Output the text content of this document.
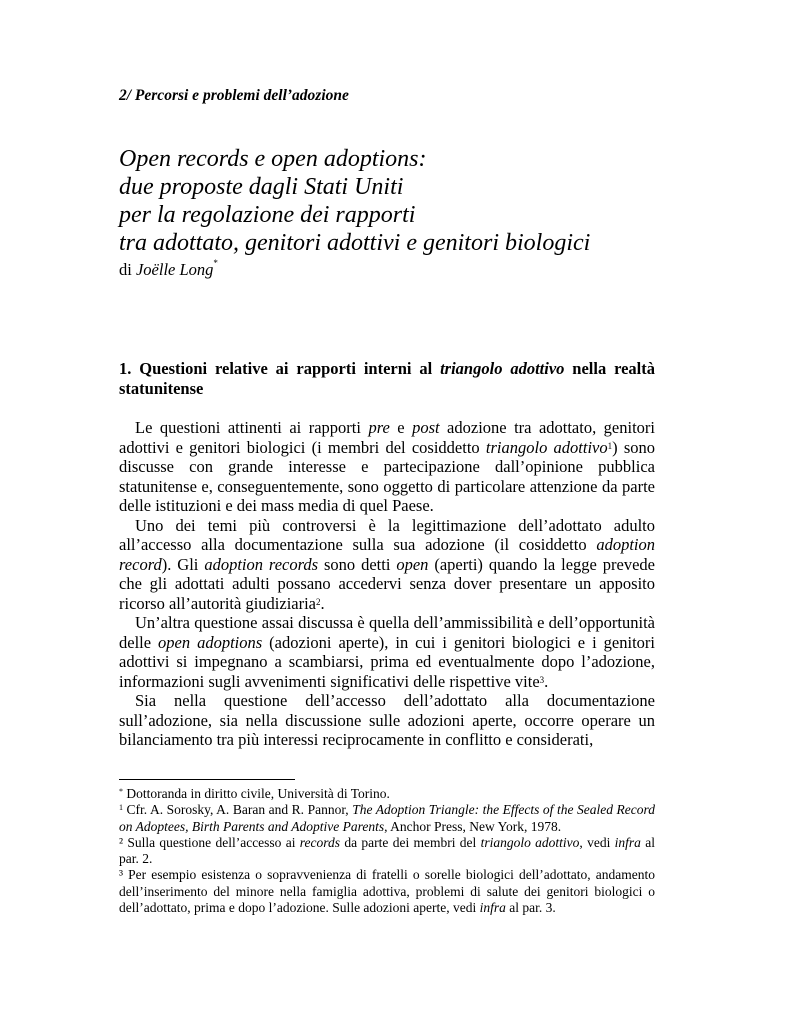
2/ Percorsi e problemi dell’adozione
Open records e open adoptions:
due proposte dagli Stati Uniti
per la regolazione dei rapporti
tra adottato, genitori adottivi e genitori biologici
di Joëlle Long*
1. Questioni relative ai rapporti interni al triangolo adottivo nella realtà statunitense

Le questioni attinenti ai rapporti pre e post adozione tra adottato, genitori adottivi e genitori biologici (i membri del cosiddetto triangolo adottivo$^1$) sono discusse con grande interesse e partecipazione dall’opinione pubblica statunitense e, conseguentemente, sono oggetto di particolare attenzione da parte delle istituzioni e dei mass media di quel Paese.

Uno dei temi più controversi è la legittimazione dell’adottato adulto all’accesso alla documentazione sulla sua adozione (il cosiddetto adoption record). Gli adoption records sono detti open (aperti) quando la legge prevede che gli adottati adulti possano accedervi senza dover presentare un apposito ricorso all’autorità giudiziaria$^2$.

Un’altra questione assai discussa è quella dell’ammissibilità e dell’opportunità delle open adoptions (adozioni aperte), in cui i genitori biologici e i genitori adottivi si impegnano a scambiarsi, prima ed eventualmente dopo l’adozione, informazioni sugli avvenimenti significativi delle rispettive vite$^3$.

Sia nella questione dell’accesso dell’adottato alla documentazione sull’adozione, sia nella discussione sulle adozioni aperte, occorre operare un bilanciamento tra più interessi reciprocamente in conflitto e considerati,

* Dottoranda in diritto civile, Università di Torino.

$^1$ Cfr. A. Sorosky, A. Baran and R. Pannor, The Adoption Triangle: the Effects of the Sealed Record on Adoptees, Birth Parents and Adoptive Parents, Anchor Press, New York, 1978.

² Sulla questione dell’accesso ai records da parte dei membri del triangolo adottivo, vedi infra al par. 2.

³ Per esempio esistenza o sopravvenienza di fratelli o sorelle biologici dell’adottato, andamento dell’inserimento del minore nella famiglia adottiva, problemi di salute dei genitori biologici o dell’adottato, prima e dopo l’adozione. Sulle adozioni aperte, vedi infra al par. 3.
